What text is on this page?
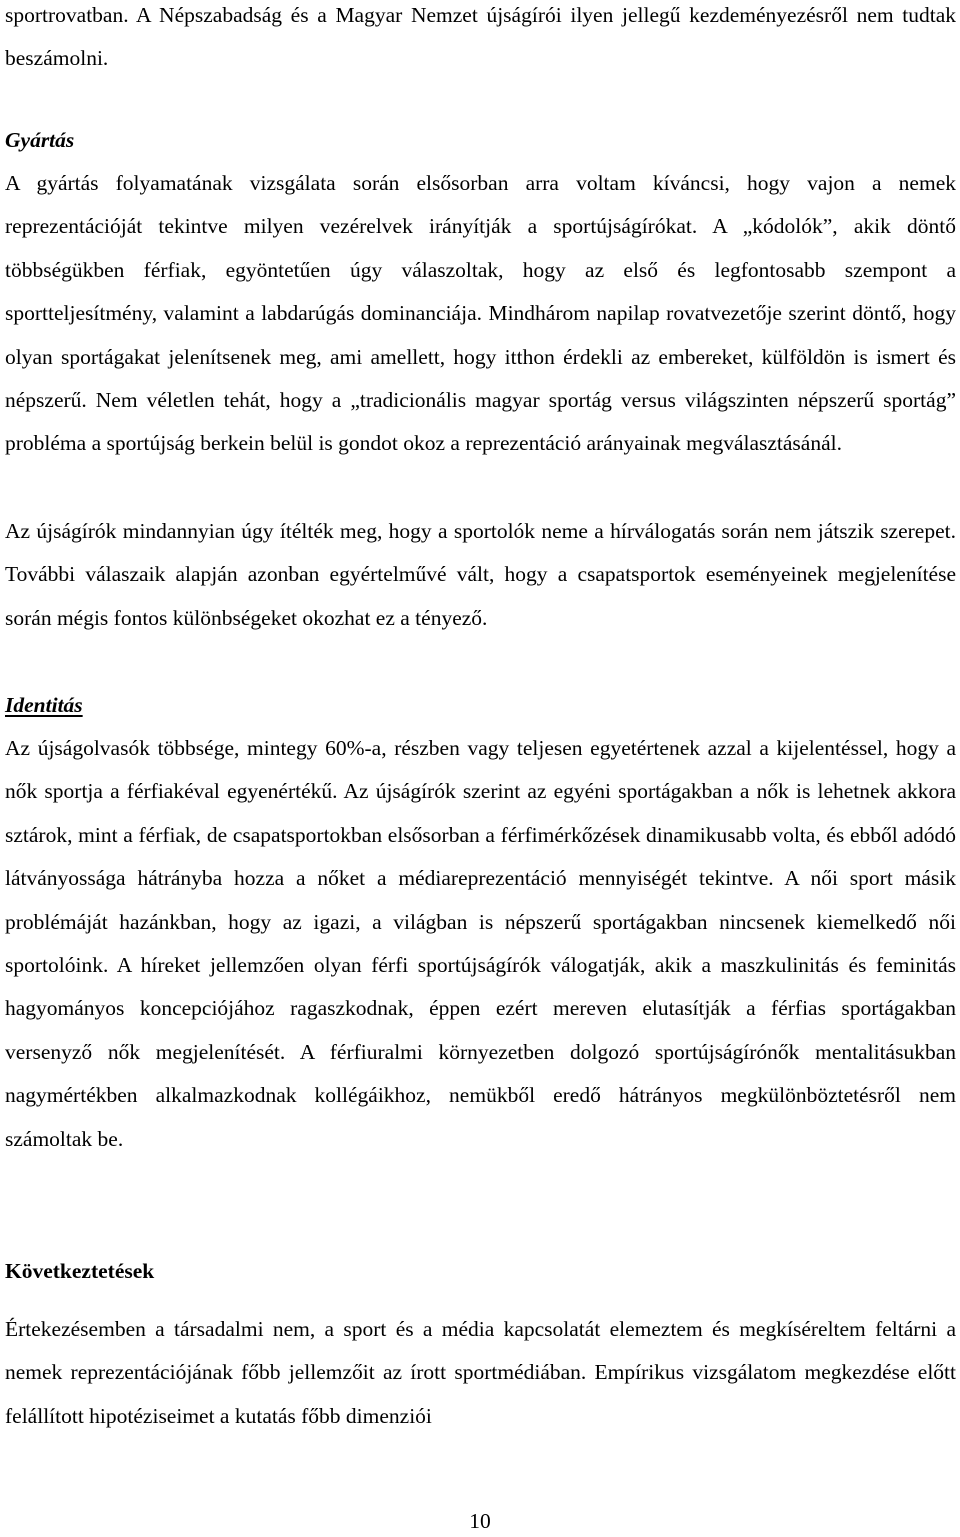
sportrovatban. A Népszabadság és a Magyar Nemzet újságírói ilyen jellegű kezdeményezésről nem tudtak beszámolni.

Gyártás

A gyártás folyamatának vizsgálata során elsősorban arra voltam kíváncsi, hogy vajon a nemek reprezentációját tekintve milyen vezérelvek irányítják a sportújságírókat. A „kódolók”, akik döntő többségükben férfiak, egyöntetűen úgy válaszoltak, hogy az első és legfontosabb szempont a sportteljesítmény, valamint a labdarúgás dominanciája. Mindhárom napilap rovatvezetője szerint döntő, hogy olyan sportágakat jelenítsenek meg, ami amellett, hogy itthon érdekli az embereket, külföldön is ismert és népszerű. Nem véletlen tehát, hogy a „tradicionális magyar sportág versus világszinten népszerű sportág” probléma a sportújság berkein belül is gondot okoz a reprezentáció arányainak megválasztásánál.

Az újságírók mindannyian úgy ítélték meg, hogy a sportolók neme a hírválogatás során nem játszik szerepet. További válaszaik alapján azonban egyértelművé vált, hogy a csapatsportok eseményeinek megjelenítése során mégis fontos különbségeket okozhat ez a tényező.

Identitás

Az újságolvasók többsége, mintegy 60%-a, részben vagy teljesen egyetértenek azzal a kijelentéssel, hogy a nők sportja a férfiakéval egyenértékű. Az újságírók szerint az egyéni sportágakban a nők is lehetnek akkora sztárok, mint a férfiak, de csapatsportokban elsősorban a férfimérkőzések dinamikusabb volta, és ebből adódó látványossága hátrányba hozza a nőket a médiareprezentáció mennyiségét tekintve. A női sport másik problémáját hazánkban, hogy az igazi, a világban is népszerű sportágakban nincsenek kiemelkedő női sportolóink. A híreket jellemzően olyan férfi sportújságírók válogatják, akik a maszkulinitás és feminitás hagyományos koncepciójához ragaszkodnak, éppen ezért mereven elutasítják a férfias sportágakban versenyző nők megjelenítését. A férfiuralmi környezetben dolgozó sportújságírónők mentalitásukban nagymértékben alkalmazkodnak kollégáikhoz, nemükből eredő hátrányos megkülönböztetésről nem számoltak be.

Következtetések

Értekezésemben a társadalmi nem, a sport és a média kapcsolatát elemeztem és megkíséreltem feltárni a nemek reprezentációjának főbb jellemzőit az írott sportmédiában. Empírikus vizsgálatom megkezdése előtt felállított hipotéziseimet a kutatás főbb dimenziói

10
